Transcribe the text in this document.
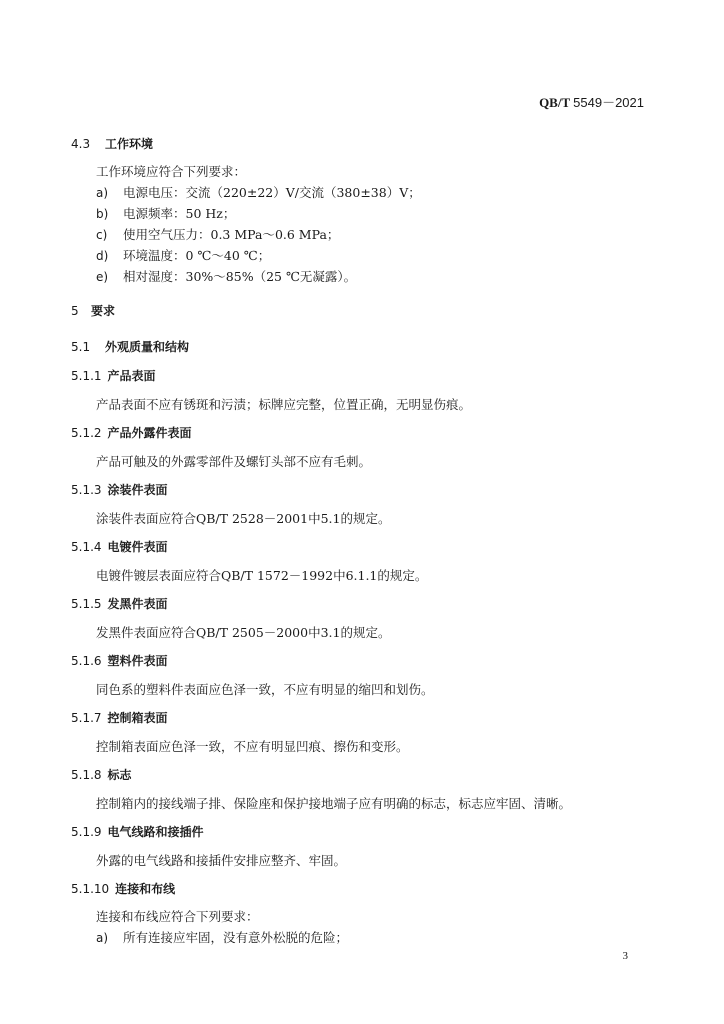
QB/T 5549－2021
4.3 工作环境
工作环境应符合下列要求：
a) 电源电压：交流（220±22）V/交流（380±38）V；
b) 电源频率：50 Hz；
c) 使用空气压力：0.3 MPa～0.6 MPa；
d) 环境温度：0 ℃～40 ℃；
e) 相对湿度：30%～85%（25 ℃无凝露）。
5 要求
5.1 外观质量和结构
5.1.1 产品表面
产品表面不应有锈斑和污渍；标牌应完整，位置正确，无明显伤痕。
5.1.2 产品外露件表面
产品可触及的外露零部件及螺钉头部不应有毛刺。
5.1.3 涂装件表面
涂装件表面应符合QB/T 2528－2001中5.1的规定。
5.1.4 电镀件表面
电镀件镀层表面应符合QB/T 1572－1992中6.1.1的规定。
5.1.5 发黑件表面
发黑件表面应符合QB/T 2505－2000中3.1的规定。
5.1.6 塑料件表面
同色系的塑料件表面应色泽一致，不应有明显的缩凹和划伤。
5.1.7 控制箱表面
控制箱表面应色泽一致，不应有明显凹痕、擦伤和变形。
5.1.8 标志
控制箱内的接线端子排、保险座和保护接地端子应有明确的标志，标志应牢固、清晰。
5.1.9 电气线路和接插件
外露的电气线路和接插件安排应整齐、牢固。
5.1.10 连接和布线
连接和布线应符合下列要求：
a) 所有连接应牢固，没有意外松脱的危险；
3
